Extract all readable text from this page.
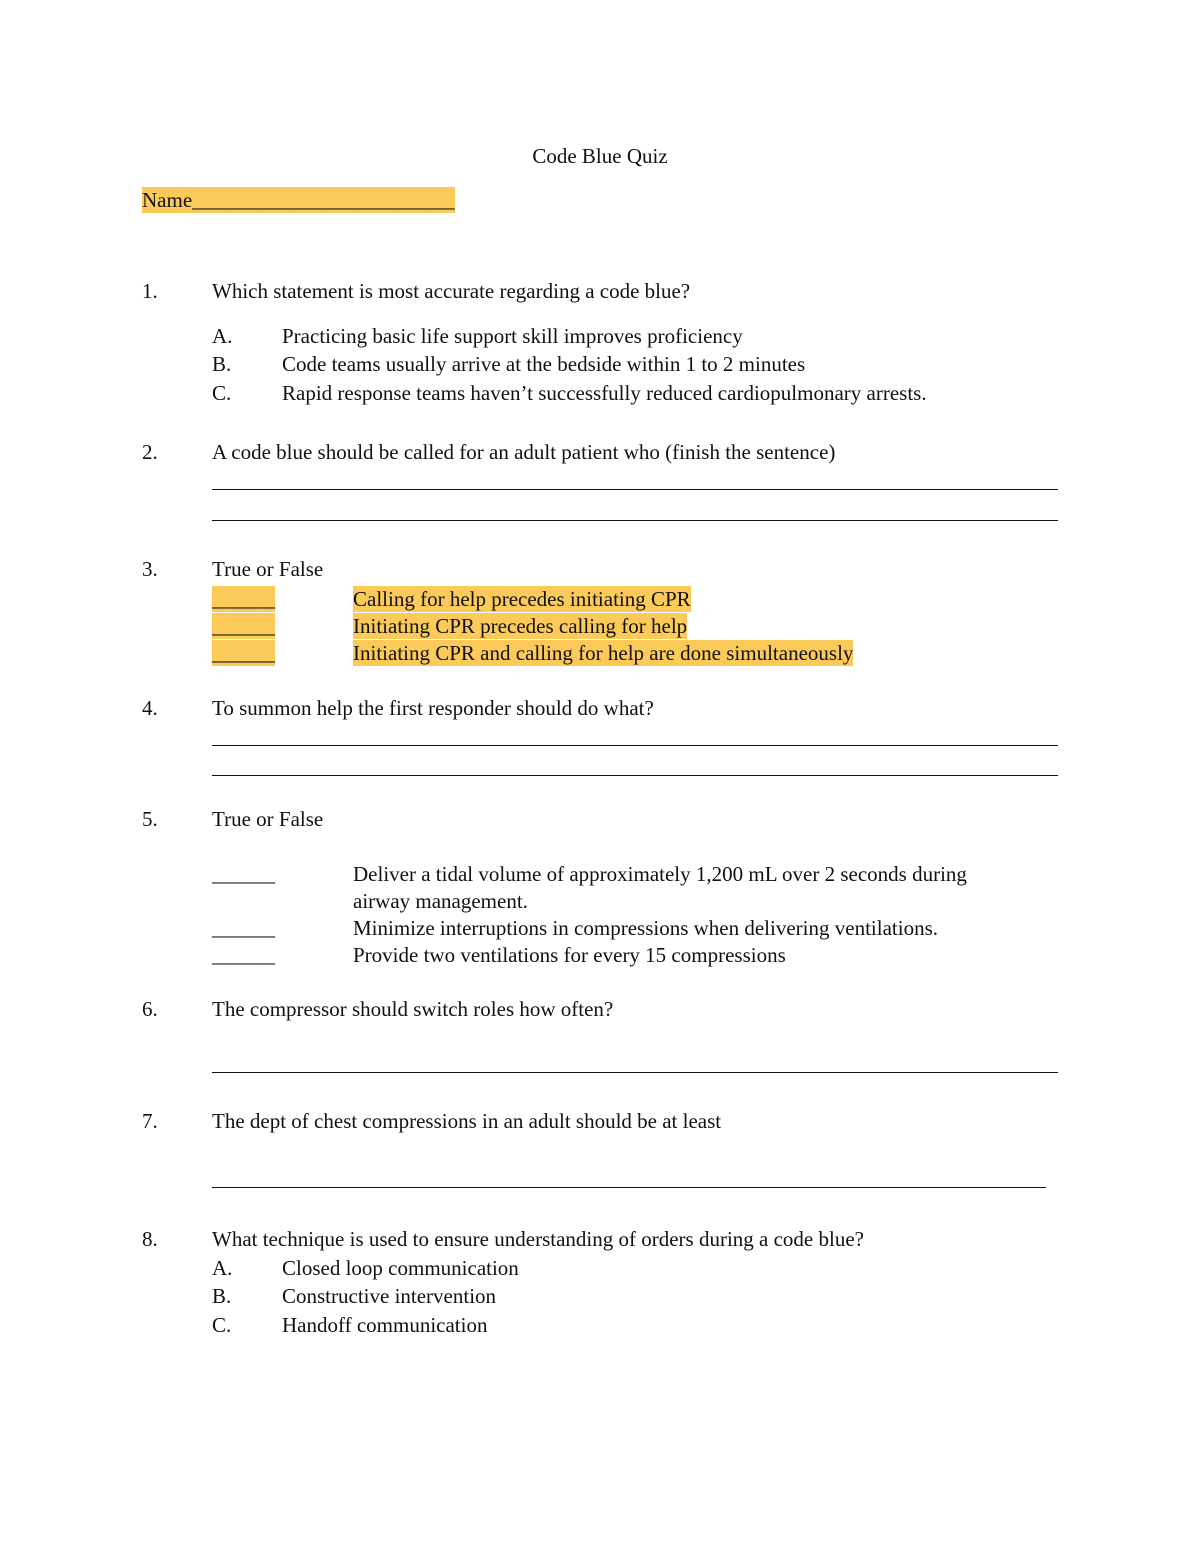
Code Blue Quiz
Name_________________________
1.	Which statement is most accurate regarding a code blue?
A. Practicing basic life support skill improves proficiency
B. Code teams usually arrive at the bedside within 1 to 2 minutes
C. Rapid response teams haven’t successfully reduced cardiopulmonary arrests.
2.	A code blue should be called for an adult patient who (finish the sentence)
3.	True or False
______	Calling for help precedes initiating CPR
______	Initiating CPR precedes calling for help
______	Initiating CPR and calling for help are done simultaneously
4.	To summon help the first responder should do what?
5.	True or False
______	Deliver a tidal volume of approximately 1,200 mL over 2 seconds during
airway management.
______	Minimize interruptions in compressions when delivering ventilations.
______	Provide two ventilations for every 15 compressions
6.	The compressor should switch roles how often?
7.	The dept of chest compressions in an adult should be at least
8.	What technique is used to ensure understanding of orders during a code blue?
A. Closed loop communication
B. Constructive intervention
C. Handoff communication
